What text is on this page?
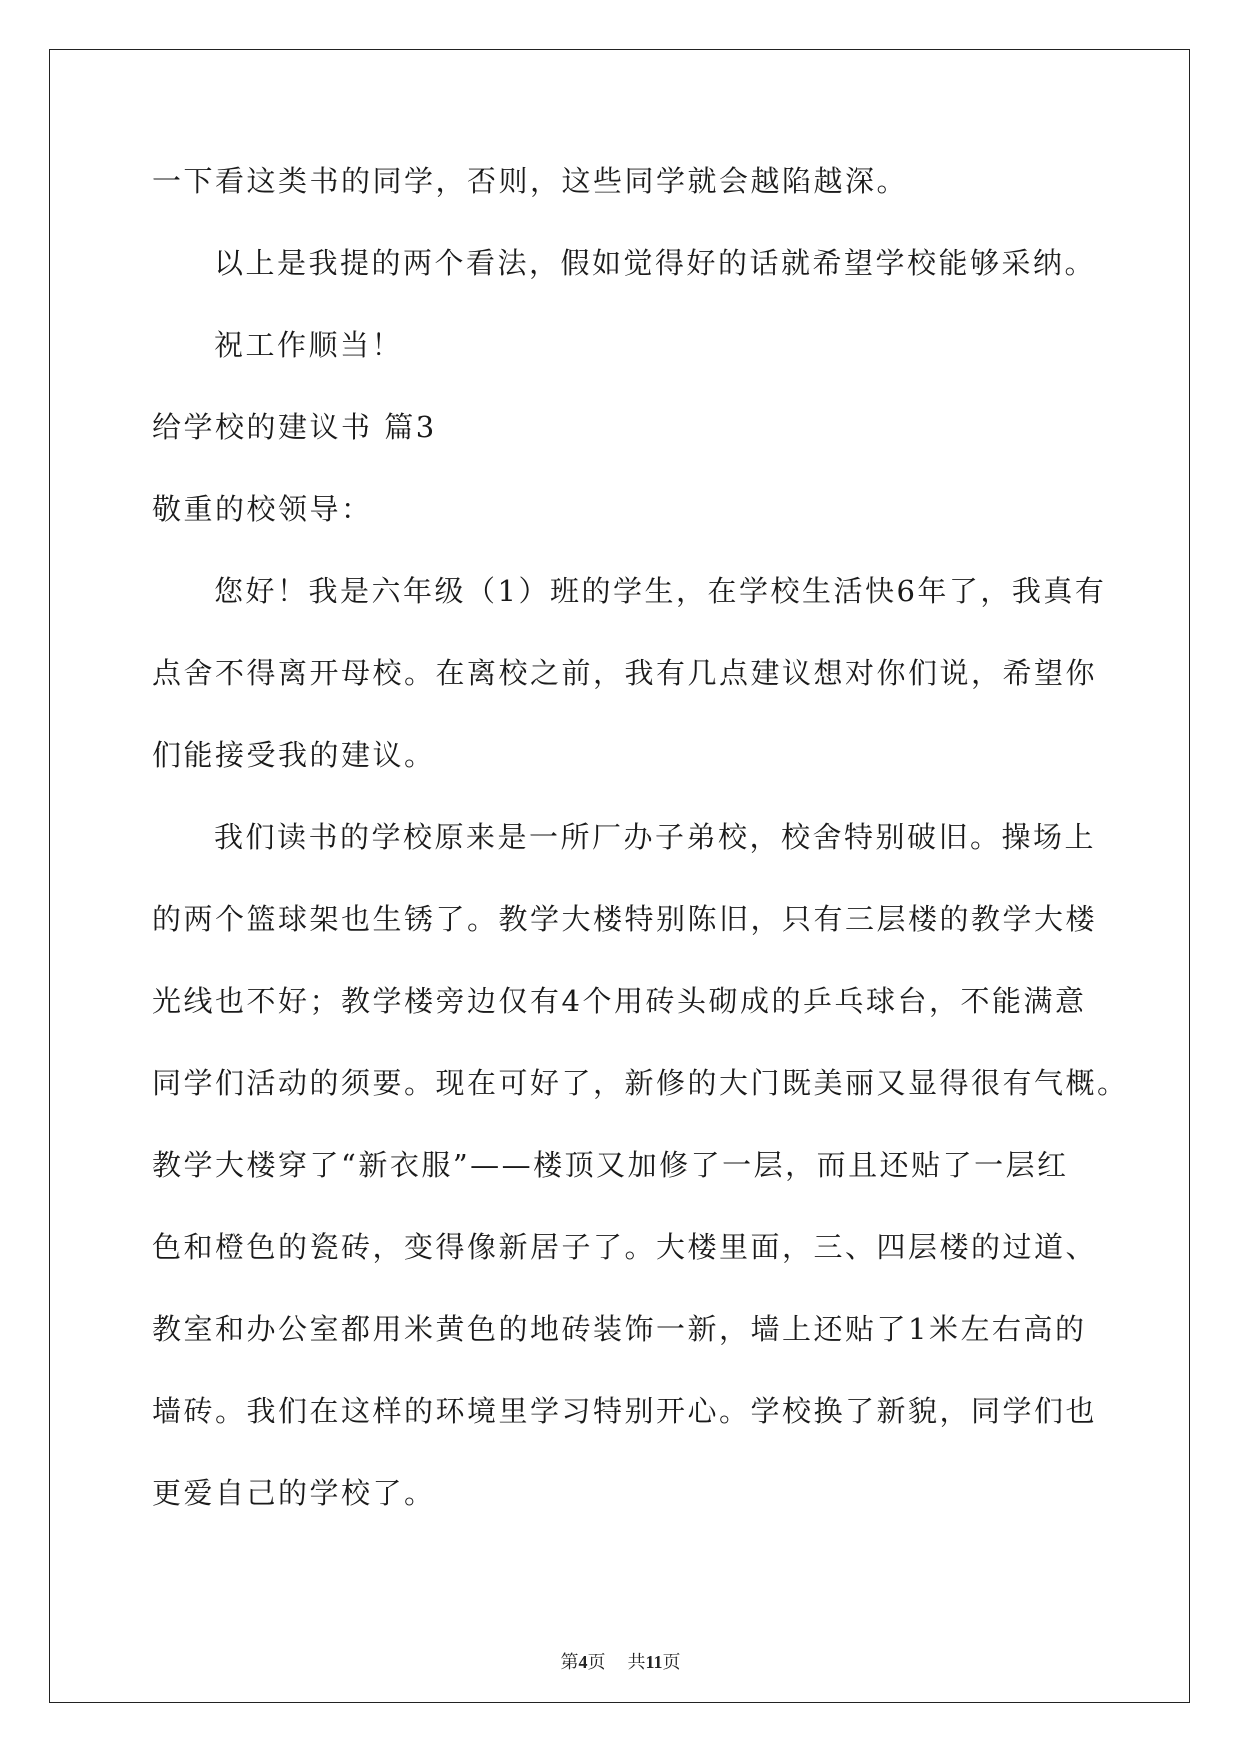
一下看这类书的同学，否则，这些同学就会越陷越深。
以上是我提的两个看法，假如觉得好的话就希望学校能够采纳。
祝工作顺当！
给学校的建议书 篇3
敬重的校领导：
您好！我是六年级（1）班的学生，在学校生活快6年了，我真有
点舍不得离开母校。在离校之前，我有几点建议想对你们说，希望你
们能接受我的建议。
我们读书的学校原来是一所厂办子弟校，校舍特别破旧。操场上
的两个篮球架也生锈了。教学大楼特别陈旧，只有三层楼的教学大楼
光线也不好；教学楼旁边仅有4个用砖头砌成的乒乓球台，不能满意
同学们活动的须要。现在可好了，新修的大门既美丽又显得很有气概。
教学大楼穿了“新衣服”——楼顶又加修了一层，而且还贴了一层红
色和橙色的瓷砖，变得像新居子了。大楼里面，三、四层楼的过道、
教室和办公室都用米黄色的地砖装饰一新，墙上还贴了1米左右高的
墙砖。我们在这样的环境里学习特别开心。学校换了新貌，同学们也
更爱自己的学校了。
第4页 共11页
